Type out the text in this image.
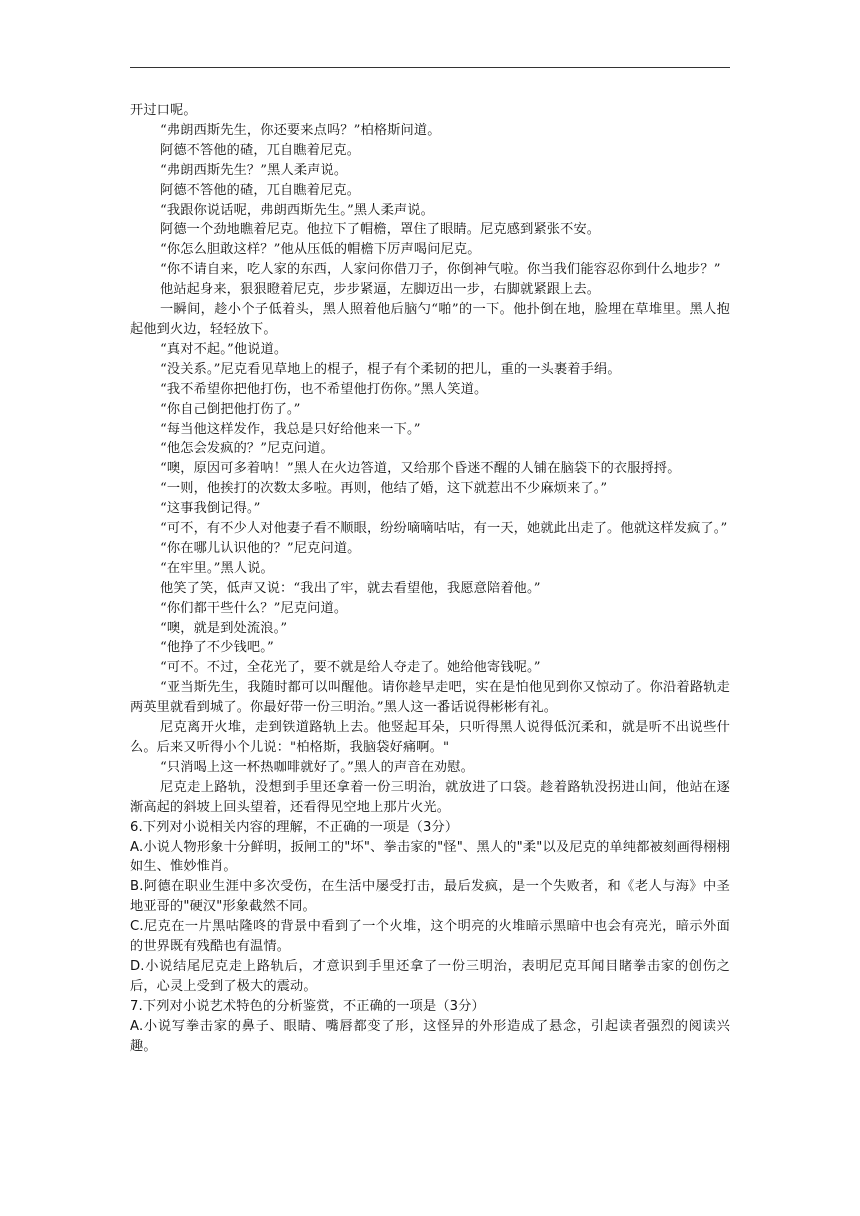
开过口呢。

“弗朗西斯先生，你还要来点吗？”柏格斯问道。

阿德不答他的碴，兀自瞧着尼克。

“弗朗西斯先生？”黑人柔声说。

阿德不答他的碴，兀自瞧着尼克。

“我跟你说话呢，弗朗西斯先生。”黑人柔声说。

阿德一个劲地瞧着尼克。他拉下了帽檐，罩住了眼睛。尼克感到紧张不安。

“你怎么胆敢这样？”他从压低的帽檐下厉声喝问尼克。

“你不请自来，吃人家的东西，人家问你借刀子，你倒神气啦。你当我们能容忍你到什么地步？”

他站起身来，狠狠瞪着尼克，步步紧逼，左脚迈出一步，右脚就紧跟上去。

一瞬间，趁小个子低着头，黑人照着他后脑勺“啪”的一下。他扑倒在地，脸埋在草堆里。黑人抱起他到火边，轻轻放下。

“真对不起。”他说道。

“没关系。”尼克看见草地上的棍子，棍子有个柔韧的把儿，重的一头裹着手绢。

“我不希望你把他打伤，也不希望他打伤你。”黑人笑道。

“你自己倒把他打伤了。”

“每当他这样发作，我总是只好给他来一下。”

“他怎会发疯的？”尼克问道。

“噢，原因可多着呐！”黑人在火边答道，又给那个昏迷不醒的人铺在脑袋下的衣服捋捋。

“一则，他挨打的次数太多啦。再则，他结了婚，这下就惹出不少麻烦来了。”

“这事我倒记得。”

“可不，有不少人对他妻子看不顺眼，纷纷嘀嘀咕咕，有一天，她就此出走了。他就这样发疯了。”

“你在哪儿认识他的？”尼克问道。

“在牢里。”黑人说。

他笑了笑，低声又说：“我出了牢，就去看望他，我愿意陪着他。”

“你们都干些什么？”尼克问道。

“噢，就是到处流浪。”

“他挣了不少钱吧。”

“可不。不过，全花光了，要不就是给人夺走了。她给他寄钱呢。”

“亚当斯先生，我随时都可以叫醒他。请你趁早走吧，实在是怕他见到你又惊动了。你沿着路轨走两英里就看到城了。你最好带一份三明治。”黑人这一番话说得彬彬有礼。

尼克离开火堆，走到铁道路轨上去。他竖起耳朵，只听得黑人说得低沉柔和，就是听不出说些什么。后来又听得小个儿说："柏格斯，我脑袋好痛啊。"

“只消喝上这一杯热咖啡就好了。”黑人的声音在劝慰。

尼克走上路轨，没想到手里还拿着一份三明治，就放进了口袋。趁着路轨没拐进山间，他站在逐渐高起的斜坡上回头望着，还看得见空地上那片火光。

6.下列对小说相关内容的理解，不正确的一项是（3分）

A.小说人物形象十分鲜明，扳闸工的"坏"、拳击家的"怪"、黑人的"柔"以及尼克的单纯都被刻画得栩栩如生、惟妙惟肖。

B.阿德在职业生涯中多次受伤，在生活中屡受打击，最后发疯，是一个失败者，和《老人与海》中圣地亚哥的"硬汉"形象截然不同。

C.尼克在一片黑咕隆咚的背景中看到了一个火堆，这个明亮的火堆暗示黑暗中也会有亮光，暗示外面的世界既有残酷也有温情。

D.小说结尾尼克走上路轨后，才意识到手里还拿了一份三明治，表明尼克耳闻目睹拳击家的创伤之后，心灵上受到了极大的震动。

7.下列对小说艺术特色的分析鉴赏，不正确的一项是（3分）

A.小说写拳击家的鼻子、眼睛、嘴唇都变了形，这怪异的外形造成了悬念，引起读者强烈的阅读兴趣。
